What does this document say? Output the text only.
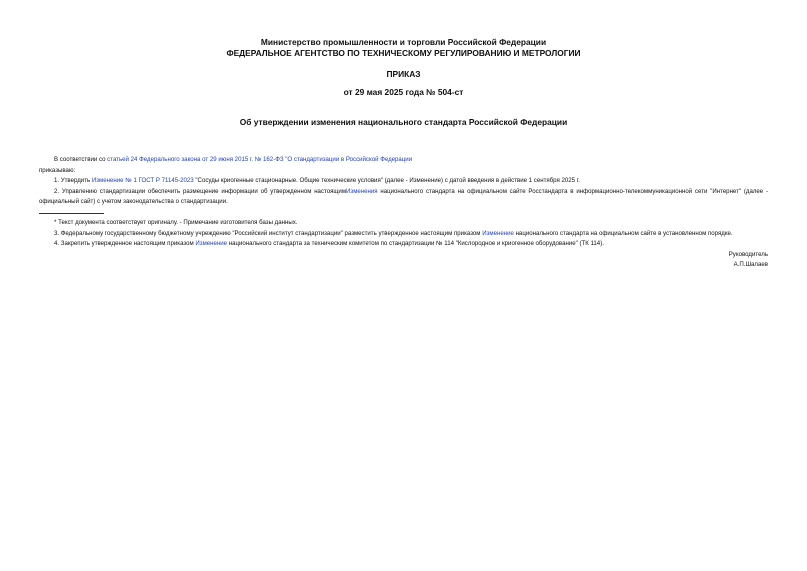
Министерство промышленности и торговли Российской Федерации
ФЕДЕРАЛЬНОЕ АГЕНТСТВО ПО ТЕХНИЧЕСКОМУ РЕГУЛИРОВАНИЮ И МЕТРОЛОГИИ
ПРИКАЗ
от 29 мая 2025 года № 504-ст
Об утверждении изменения национального стандарта Российской Федерации

В соответствии со статьей 24 Федерального закона от 29 июня 2015 г. № 162-ФЗ "О стандартизации в Российской Федерации

приказываю:

1. Утвердить Изменение № 1 ГОСТ Р 71145-2023 "Сосуды криогенные стационарные. Общие технические условия" (далее - Изменение) с датой введения в действие 1 сентября 2025 г.

2. Управлению стандартизации обеспечить размещение информации об утвержденном настоящимИзменения национального стандарта на официальном сайте Росстандарта в информационно-телекоммуникационной сети "Интернет" (далее - официальный сайт) с учетом законодательства о стандартизации.

* Текст документа соответствует оригиналу. - Примечание изготовителя базы данных.

3. Федеральному государственному бюджетному учреждению "Российский институт стандартизации" разместить утвержденное настоящим приказом Изменение национального стандарта на официальном сайте в установленном порядке.

4. Закрепить утвержденное настоящим приказом Изменение национального стандарта за техническим комитетом по стандартизации № 114 "Кислородное и криогенное оборудование" (ТК 114).

Руководитель

А.П.Шалаев
